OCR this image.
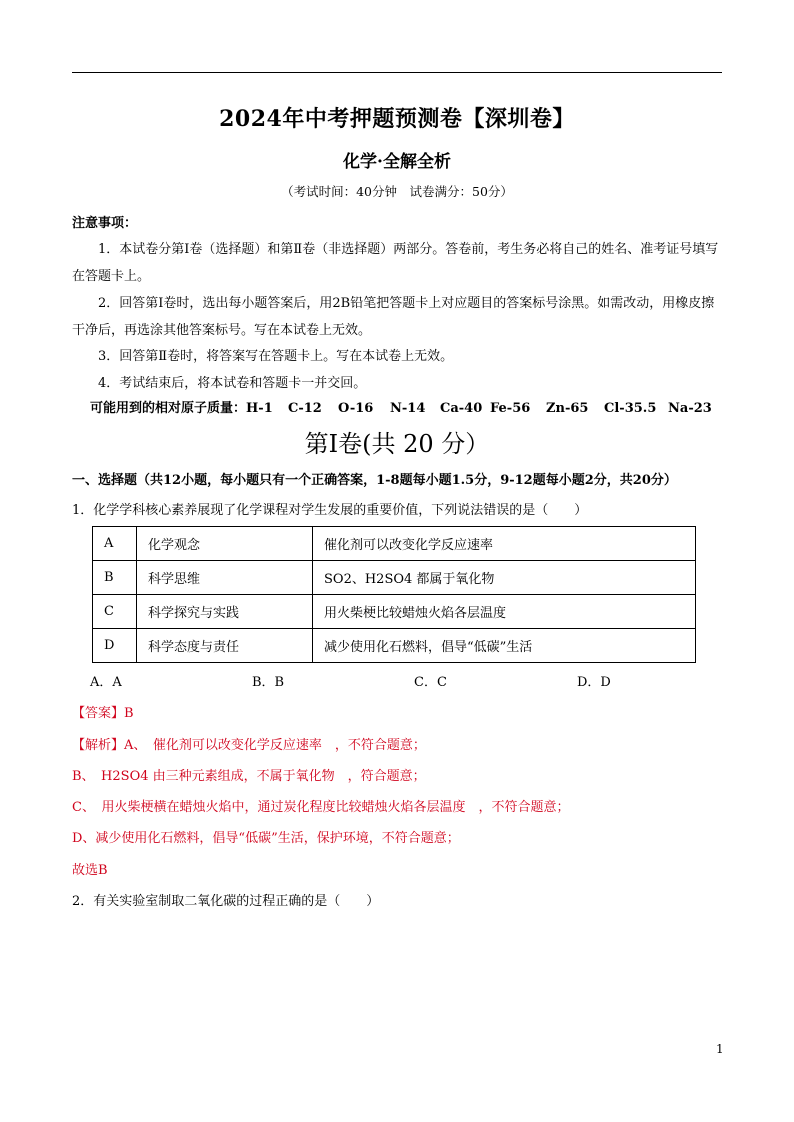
2024年中考押题预测卷【深圳卷】
化学·全解全析
（考试时间：40分钟　试卷满分：50分）
注意事项：

1．本试卷分第Ⅰ卷（选择题）和第Ⅱ卷（非选择题）两部分。答卷前，考生务必将自己的姓名、准考证号填写在答题卡上。

2．回答第Ⅰ卷时，选出每小题答案后，用2B铅笔把答题卡上对应题目的答案标号涂黑。如需改动，用橡皮擦干净后，再选涂其他答案标号。写在本试卷上无效。

3．回答第Ⅱ卷时，将答案写在答题卡上。写在本试卷上无效。

4．考试结束后，将本试卷和答题卡一并交回。

可能用到的相对原子质量：H-1 C-12 O-16 N-14 Ca-40 Fe-56 Zn-65 Cl-35.5 Na-23
第Ⅰ卷(共 20 分）
一、选择题（共12小题，每小题只有一个正确答案，1-8题每小题1.5分，9-12题每小题2分，共20分）
1．化学学科核心素养展现了化学课程对学生发展的重要价值，下列说法错误的是（　　）
A	化学观念	催化剂可以改变化学反应速率
B	科学思维	SO2、H2SO4 都属于氧化物
C	科学探究与实践	用火柴梗比较蜡烛火焰各层温度
D	科学态度与责任	减少使用化石燃料，倡导“低碳”生活
A．A	B．B	C．C	D．D
【答案】B
【解析】A、　催化剂可以改变化学反应速率　，不符合题意；
B、　H2SO4 由三种元素组成，不属于氧化物　，符合题意；
C、　用火柴梗横在蜡烛火焰中，通过炭化程度比较蜡烛火焰各层温度　，不符合题意；
D、减少使用化石燃料，倡导“低碳”生活，保护环境，不符合题意；
故选B
2．有关实验室制取二氧化碳的过程正确的是（　　）
1
